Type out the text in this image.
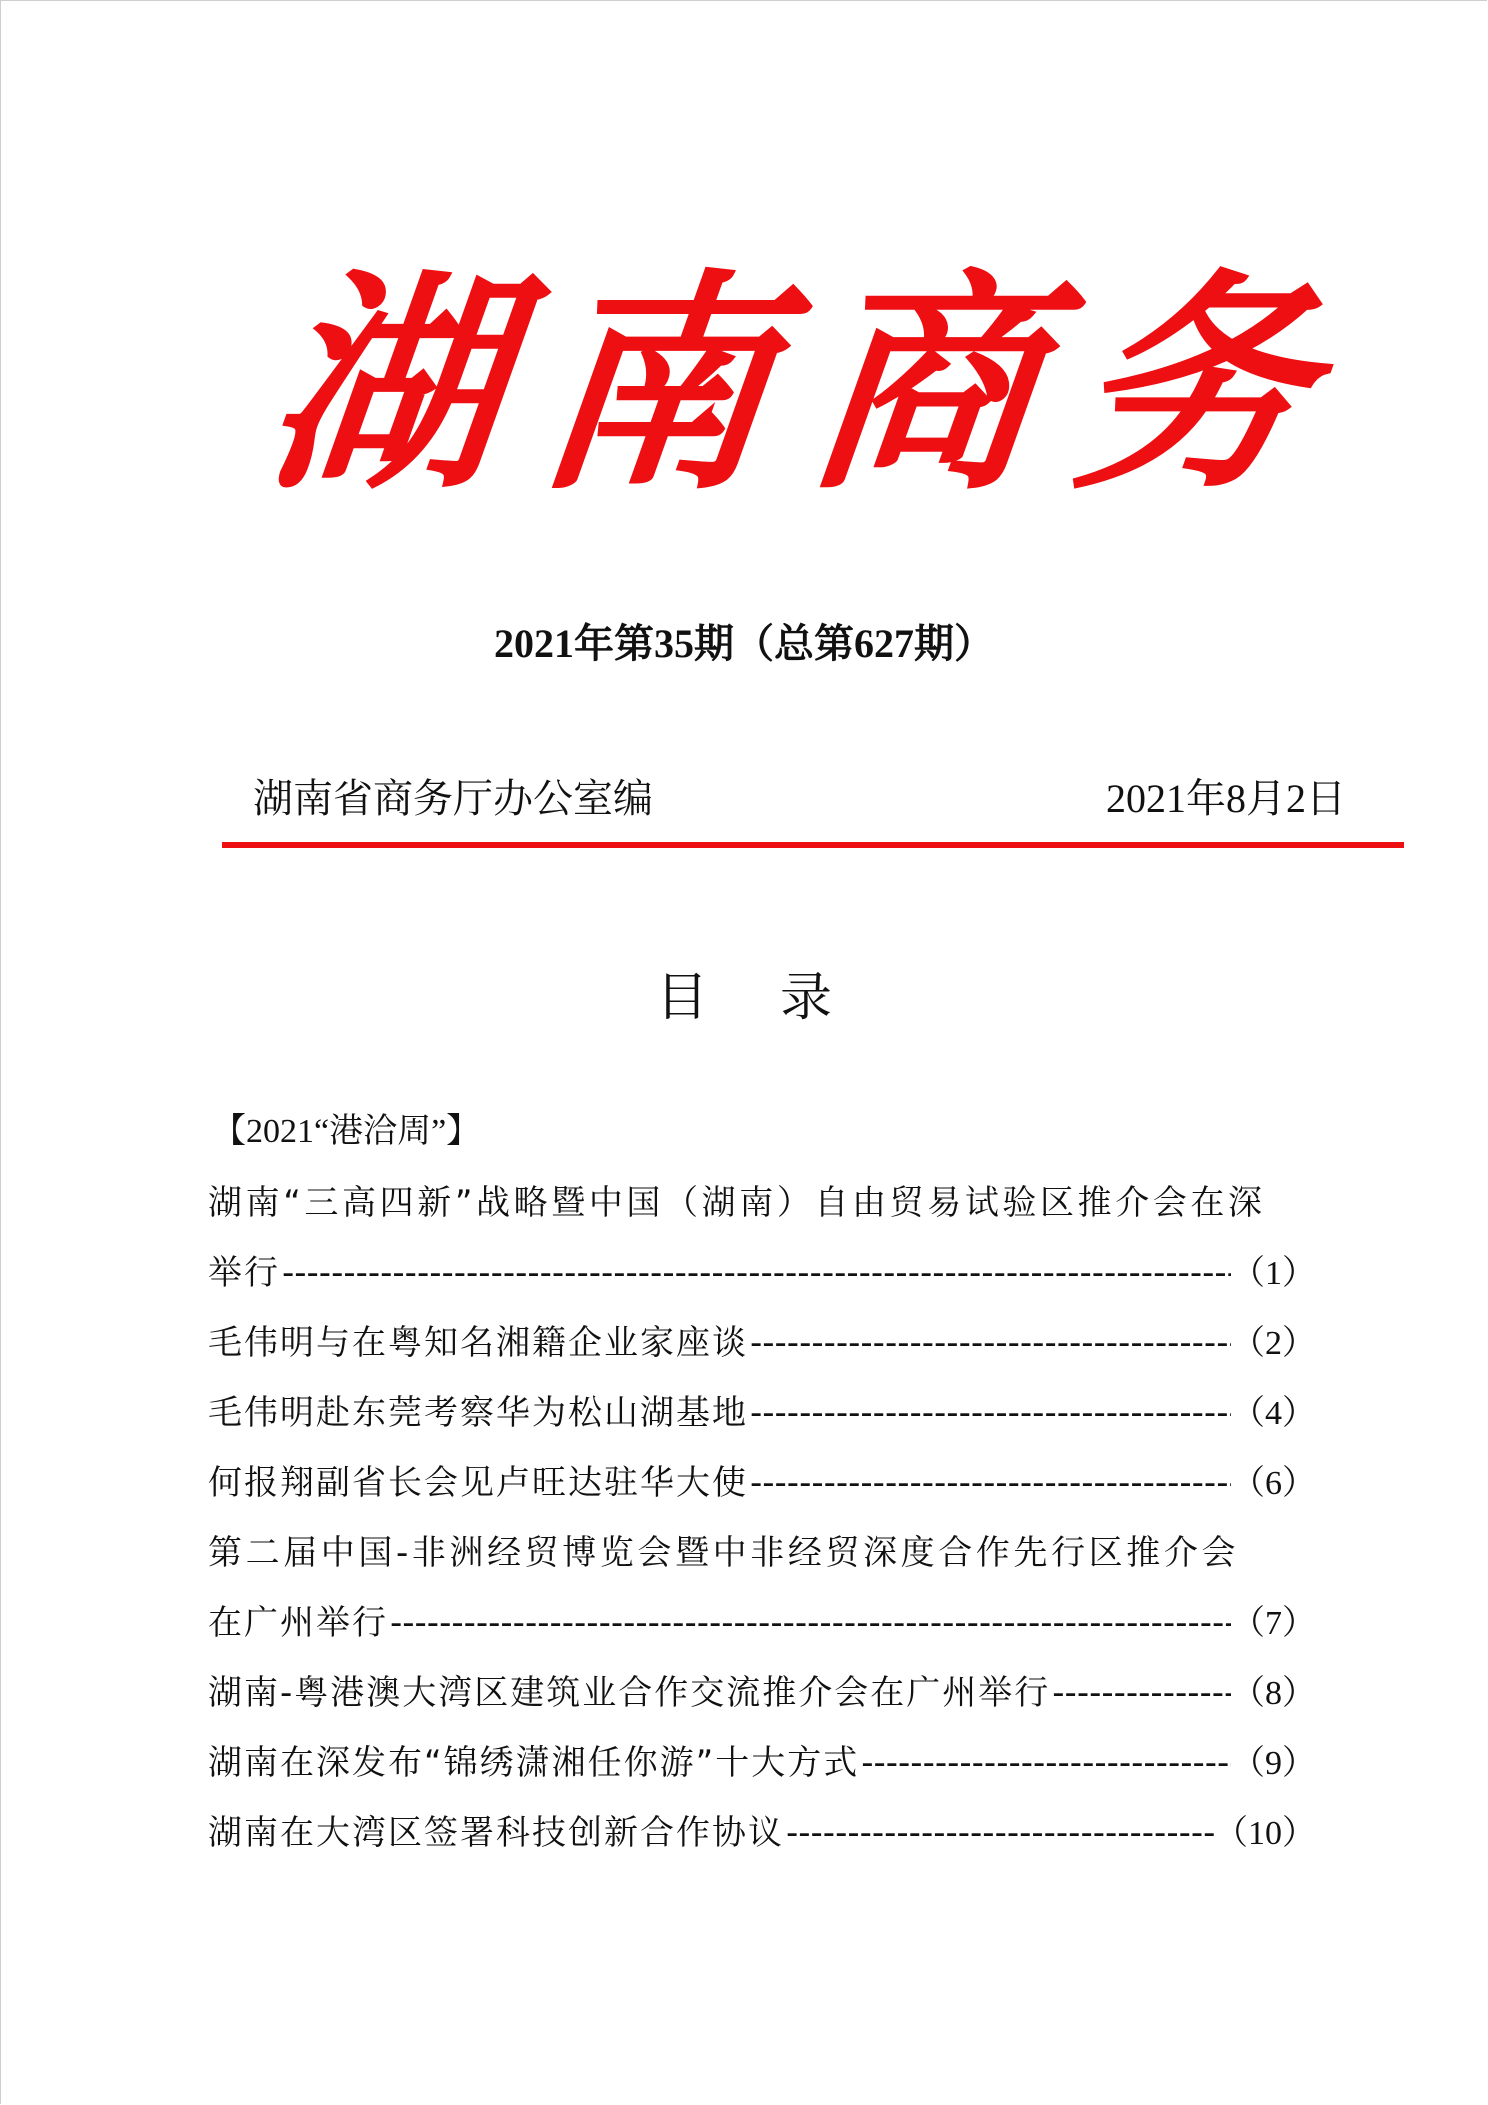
湖 南 商 务
2021年第35期（总第627期）
湖南省商务厅办公室编	2021年8月2日
目 录
【2021“港洽周”】
湖南“三高四新”战略暨中国（湖南）自由贸易试验区推介会在深
举行 -----	（1）
毛伟明与在粤知名湘籍企业家座谈 -----	（2）
毛伟明赴东莞考察华为松山湖基地 -----	（4）
何报翔副省长会见卢旺达驻华大使 -----	（6）
第二届中国-非洲经贸博览会暨中非经贸深度合作先行区推介会
在广州举行 -----	（7）
湖南-粤港澳大湾区建筑业合作交流推介会在广州举行 -----	（8）
湖南在深发布“锦绣潇湘任你游”十大方式 -----	（9）
湖南在大湾区签署科技创新合作协议 -----	（10）
